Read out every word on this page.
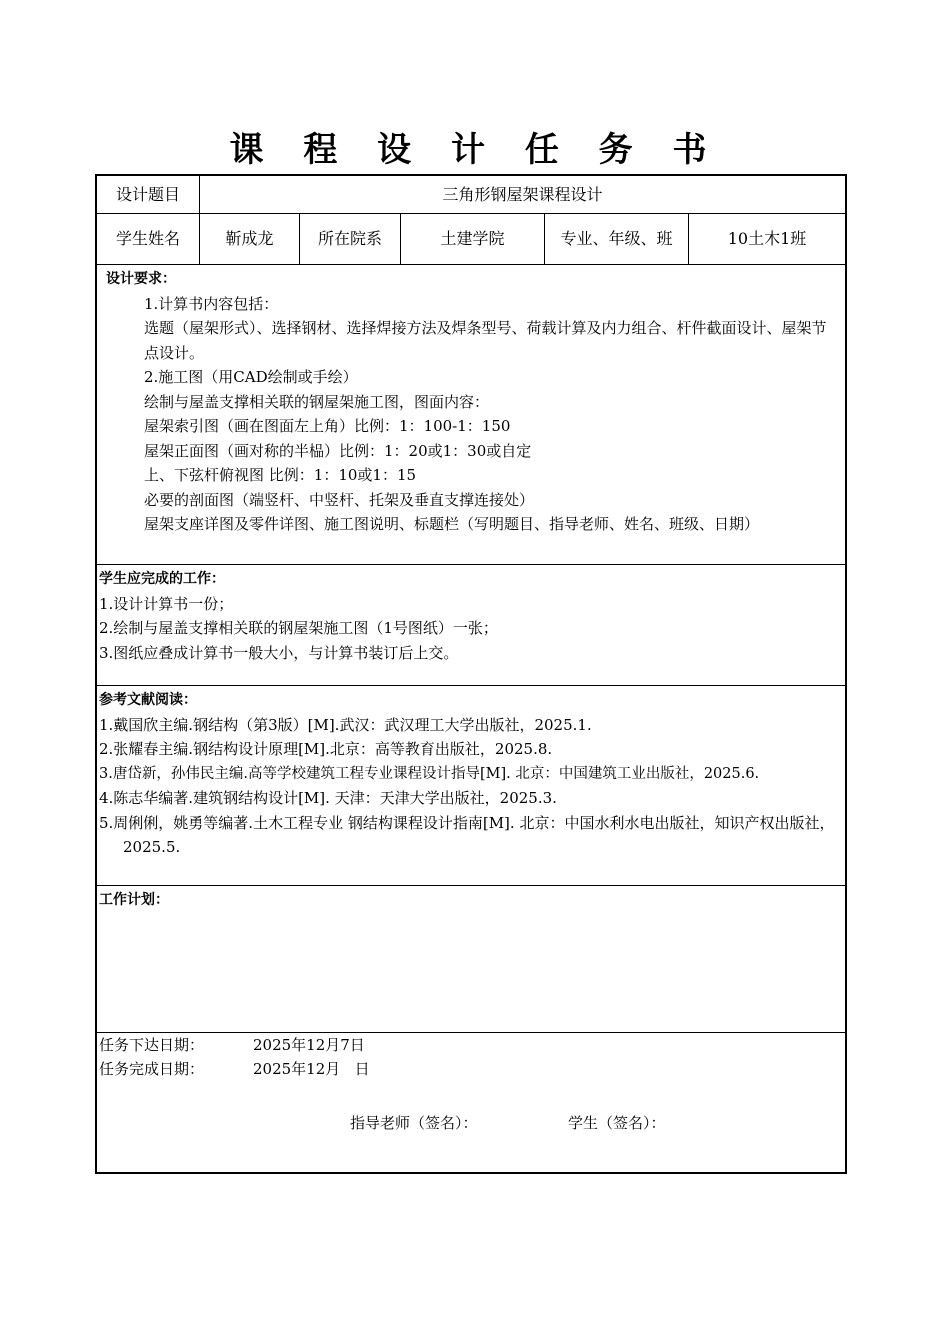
课 程 设 计 任 务 书
设计题目	三角形钢屋架课程设计
学生姓名	靳成龙	所在院系	土建学院	专业、年级、班	10土木1班
设计要求：
1.计算书内容包括：
选题（屋架形式）、选择钢材、选择焊接方法及焊条型号、荷载计算及内力组合、杆件截面设计、屋架节点设计。
2.施工图（用CAD绘制或手绘）
绘制与屋盖支撑相关联的钢屋架施工图，图面内容：
屋架索引图（画在图面左上角）比例：1：100-1：150
屋架正面图（画对称的半榀）比例：1：20或1：30或自定
上、下弦杆俯视图 比例：1：10或1：15
必要的剖面图（端竖杆、中竖杆、托架及垂直支撑连接处）
屋架支座详图及零件详图、施工图说明、标题栏（写明题目、指导老师、姓名、班级、日期）
学生应完成的工作：
1.设计计算书一份；
2.绘制与屋盖支撑相关联的钢屋架施工图（1号图纸）一张；
3.图纸应叠成计算书一般大小，与计算书装订后上交。
参考文献阅读：
1.戴国欣主编.钢结构（第3版）[M].武汉：武汉理工大学出版社，2025.1.
2.张耀春主编.钢结构设计原理[M].北京：高等教育出版社，2025.8.
3.唐岱新，孙伟民主编.高等学校建筑工程专业课程设计指导[M]. 北京：中国建筑工业出版社，2025.6.
4.陈志华编著.建筑钢结构设计[M]. 天津：天津大学出版社，2025.3.
5.周俐俐，姚勇等编著.土木工程专业 钢结构课程设计指南[M]. 北京：中国水利水电出版社，知识产权出版社，2025.5.
工作计划：
任务下达日期：	2025年12月7日
任务完成日期：	2025年12月   日
指导老师（签名）：	学生（签名）：
